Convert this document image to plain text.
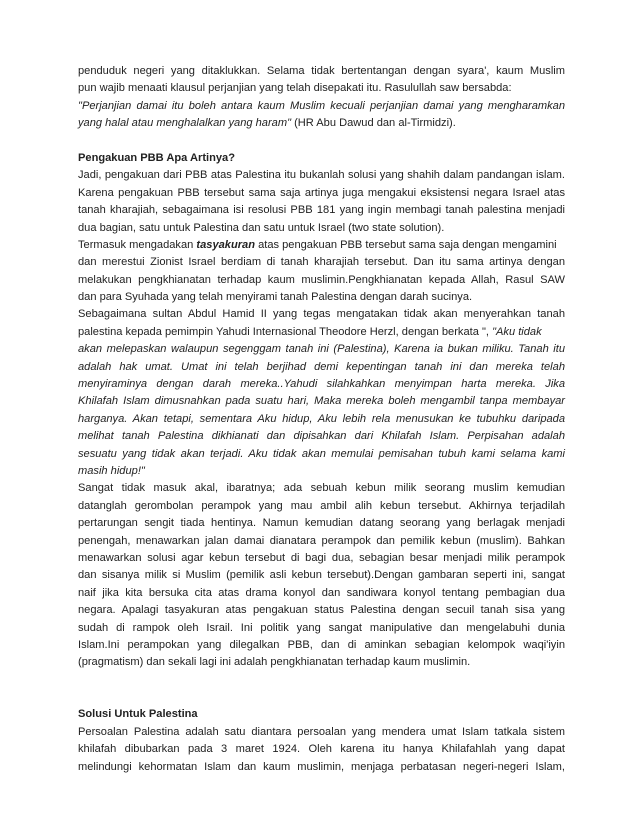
penduduk negeri yang ditaklukkan. Selama tidak bertentangan dengan syara', kaum Muslim
pun wajib menaati klausul perjanjian yang telah disepakati itu. Rasulullah saw bersabda:
"Perjanjian damai itu boleh antara kaum Muslim kecuali perjanjian damai yang mengharamkan
yang halal atau menghalalkan yang haram" (HR Abu Dawud dan al-Tirmidzi).
Pengakuan PBB Apa Artinya?
Jadi, pengakuan dari PBB atas Palestina itu bukanlah solusi yang shahih dalam pandangan islam.
Karena pengakuan PBB tersebut sama saja artinya juga mengakui eksistensi negara Israel atas
tanah kharajiah, sebagaimana isi resolusi PBB 181 yang ingin membagi tanah palestina menjadi
dua bagian, satu untuk Palestina dan satu untuk Israel (two state solution).
Termasuk mengadakan tasyakuran atas pengakuan PBB tersebut sama saja dengan mengamini
dan merestui Zionist Israel berdiam di tanah kharajiah tersebut. Dan itu sama artinya dengan
melakukan pengkhianatan terhadap kaum muslimin.Pengkhianatan kepada Allah, Rasul SAW
dan para Syuhada yang telah menyirami tanah Palestina dengan darah sucinya.
Sebagaimana sultan Abdul Hamid II yang tegas mengatakan tidak akan menyerahkan tanah
palestina kepada pemimpin Yahudi Internasional Theodore Herzl, dengan berkata ", "Aku tidak
akan melepaskan walaupun segenggam tanah ini (Palestina), Karena ia bukan miliku. Tanah itu
adalah hak umat. Umat ini telah berjihad demi kepentingan tanah ini dan mereka telah
menyiraminya dengan darah mereka..Yahudi silahkahkan menyimpan harta mereka. Jika
Khilafah Islam dimusnahkan pada suatu hari, Maka mereka boleh mengambil tanpa membayar
harganya. Akan tetapi, sementara Aku hidup, Aku lebih rela menusukan ke tubuhku daripada
melihat tanah Palestina dikhianati dan dipisahkan dari Khilafah Islam. Perpisahan adalah
sesuatu yang tidak akan terjadi. Aku tidak akan memulai pemisahan tubuh kami selama kami
masih hidup!"
Sangat tidak masuk akal, ibaratnya; ada sebuah kebun milik seorang muslim kemudian
datanglah gerombolan perampok yang mau ambil alih kebun tersebut. Akhirnya terjadilah
pertarungan sengit tiada hentinya. Namun kemudian datang seorang yang berlagak menjadi
penengah, menawarkan jalan damai dianatara perampok dan pemilik kebun (muslim). Bahkan
menawarkan solusi agar kebun tersebut di bagi dua, sebagian besar menjadi milik perampok
dan sisanya milik si Muslim (pemilik asli kebun tersebut).Dengan gambaran seperti ini, sangat
naif jika kita bersuka cita atas drama konyol dan sandiwara konyol tentang pembagian dua
negara. Apalagi tasyakuran atas pengakuan status Palestina dengan secuil tanah sisa yang
sudah di rampok oleh Israil. Ini politik yang sangat manipulative dan mengelabuhi dunia
Islam.Ini perampokan yang dilegalkan PBB, dan di aminkan sebagian kelompok waqi'iyin
(pragmatism) dan sekali lagi ini adalah pengkhianatan terhadap kaum muslimin.
Solusi Untuk Palestina
Persoalan Palestina adalah satu diantara persoalan yang mendera umat Islam tatkala sistem
khilafah dibubarkan pada 3 maret 1924. Oleh karena itu hanya Khilafahlah yang dapat
melindungi kehormatan Islam dan kaum muslimin, menjaga perbatasan negeri-negeri Islam,
